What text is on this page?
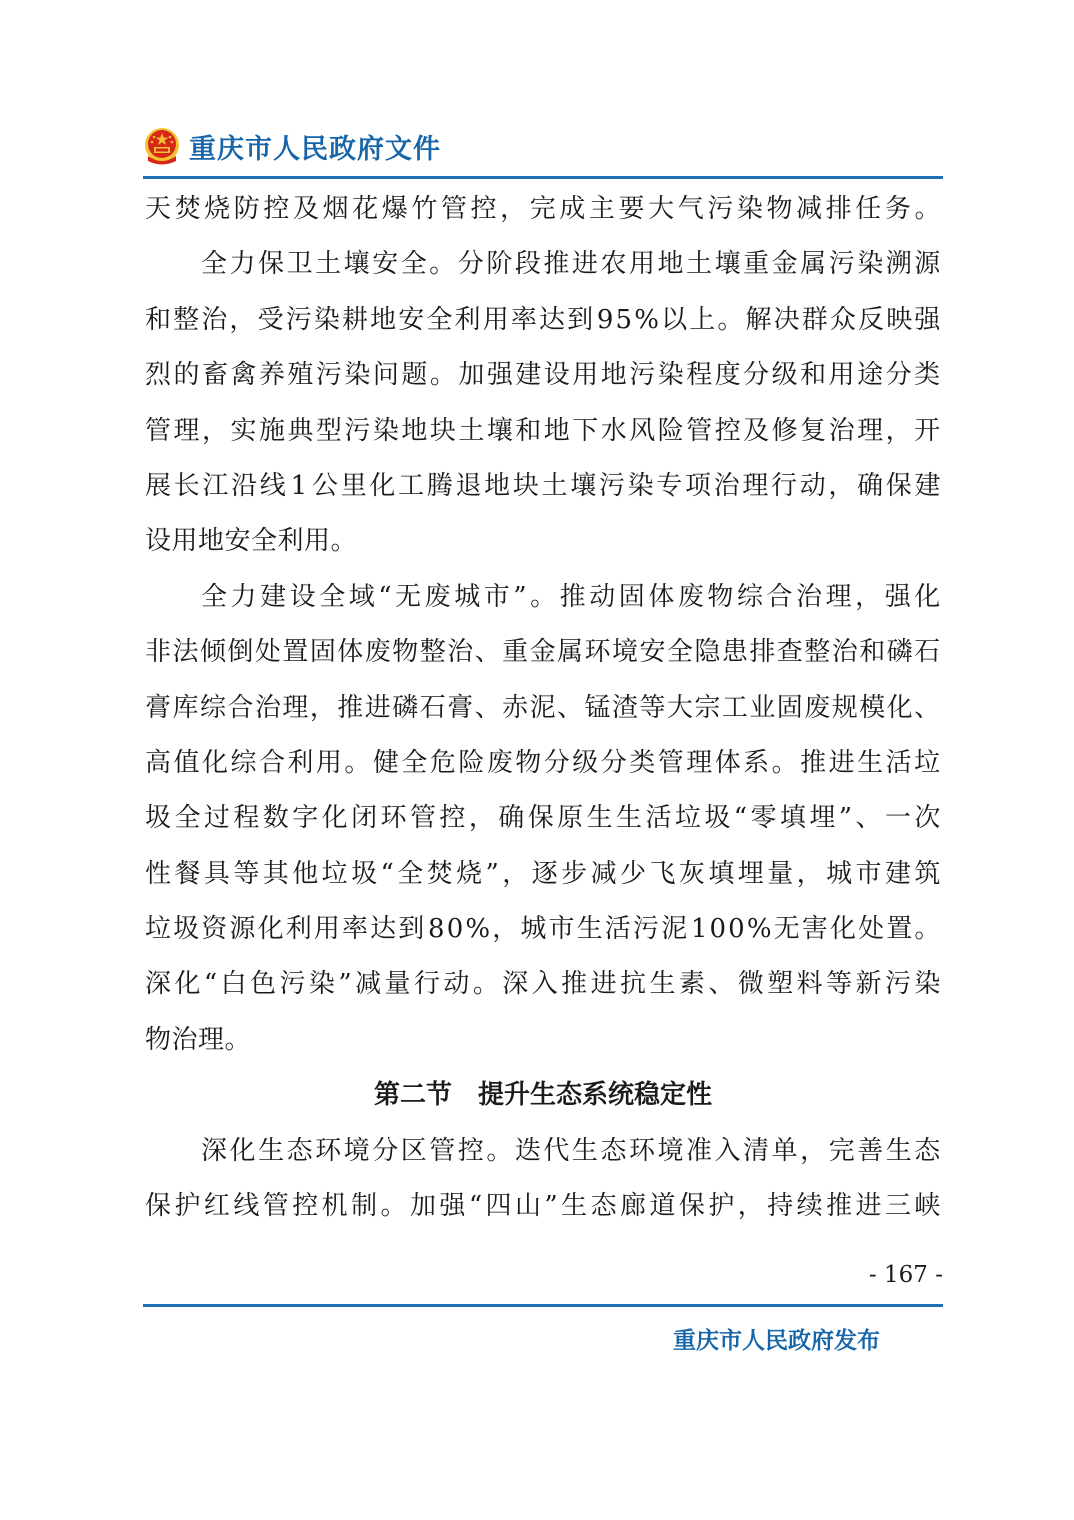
重庆市人民政府文件
天 焚 烧 防 控 及 烟 花 爆 竹 管 控 ， 完 成 主 要 大 气 污 染 物 减 排 任 务 。
全 力 保 卫 土 壤 安 全 。 分 阶 段 推 进 农 用 地 土 壤 重 金 属 污 染 溯 源
和 整 治 ， 受 污 染 耕 地 安 全 利 用 率 达 到 9 5 % 以 上 。 解 决 群 众 反 映 强
烈 的 畜 禽 养 殖 污 染 问 题 。 加 强 建 设 用 地 污 染 程 度 分 级 和 用 途 分 类
管 理 ， 实 施 典 型 污 染 地 块 土 壤 和 地 下 水 风 险 管 控 及 修 复 治 理 ， 开
展 长 江 沿 线 1 公 里 化 工 腾 退 地 块 土 壤 污 染 专 项 治 理 行 动 ， 确 保 建
设用地安全利用。
全 力 建 设 全 域 “ 无 废 城 市 ” 。 推 动 固 体 废 物 综 合 治 理 ， 强 化
非 法 倾 倒 处 置 固 体 废 物 整 治 、 重 金 属 环 境 安 全 隐 患 排 查 整 治 和 磷 石
膏 库 综 合 治 理 ， 推 进 磷 石 膏 、 赤 泥 、 锰 渣 等 大 宗 工 业 固 废 规 模 化 、
高 值 化 综 合 利 用 。 健 全 危 险 废 物 分 级 分 类 管 理 体 系 。 推 进 生 活 垃
圾 全 过 程 数 字 化 闭 环 管 控 ， 确 保 原 生 生 活 垃 圾 “ 零 填 埋 ” 、 一 次
性 餐 具 等 其 他 垃 圾 “ 全 焚 烧 ” ， 逐 步 减 少 飞 灰 填 埋 量 ， 城 市 建 筑
垃 圾 资 源 化 利 用 率 达 到 8 0 % ， 城 市 生 活 污 泥 1 0 0 % 无 害 化 处 置 。
深 化 “ 白 色 污 染 ” 减 量 行 动 。 深 入 推 进 抗 生 素 、 微 塑 料 等 新 污 染
物治理。
第二节　提升生态系统稳定性
深 化 生 态 环 境 分 区 管 控 。 迭 代 生 态 环 境 准 入 清 单 ， 完 善 生 态
保 护 红 线 管 控 机 制 。 加 强 “ 四 山 ” 生 态 廊 道 保 护 ， 持 续 推 进 三 峡
- 167 -
重庆市人民政府发布
